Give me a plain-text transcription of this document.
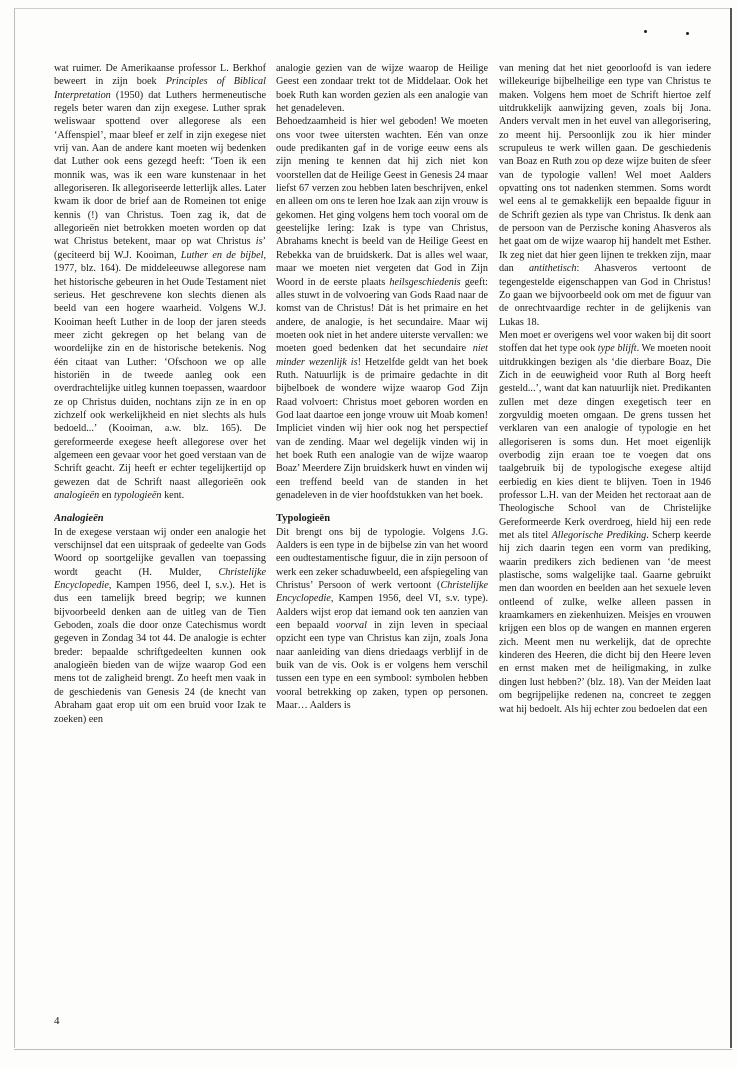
wat ruimer. De Amerikaanse professor L. Berkhof beweert in zijn boek Principles of Biblical Interpretation (1950) dat Luthers hermeneutische regels beter waren dan zijn exegese. Luther sprak weliswaar spottend over allegorese als een ‘Affenspiel’, maar bleef er zelf in zijn exegese niet vrij van. Aan de andere kant moeten wij bedenken dat Luther ook eens gezegd heeft: ‘Toen ik een monnik was, was ik een ware kunstenaar in het allegoriseren. Ik allegoriseerde letterlijk alles. Later kwam ik door de brief aan de Romeinen tot enige kennis (!) van Christus. Toen zag ik, dat de allegorieën niet betrokken moeten worden op dat wat Christus betekent, maar op wat Christus is’ (geciteerd bij W.J. Kooiman, Luther en de bijbel, 1977, blz. 164). De middeleeuwse allegorese nam het historische gebeuren in het Oude Testament niet serieus. Het geschrevene kon slechts dienen als beeld van een hogere waarheid. Volgens W.J. Kooiman heeft Luther in de loop der jaren steeds meer zicht gekregen op het belang van de woordelijke zin en de historische betekenis. Nog één citaat van Luther: ‘Ofschoon we op alle historiën in de tweede aanleg ook een overdrachtelijke uitleg kunnen toepassen, waardoor ze op Christus duiden, nochtans zijn ze in en op zichzelf ook werkelijkheid en niet slechts als huls bedoeld...’ (Kooiman, a.w. blz. 165). De gereformeerde exegese heeft allegorese over het algemeen een gevaar voor het goed verstaan van de Schrift geacht. Zij heeft er echter tegelijkertijd op gewezen dat de Schrift naast allegorieën ook analogieën en typologieën kent.

Analogieën

In de exegese verstaan wij onder een analogie het verschijnsel dat een uitspraak of gedeelte van Gods Woord op soortgelijke gevallen van toepassing wordt geacht (H. Mulder, Christelijke Encyclopedie, Kampen 1956, deel I, s.v.). Het is dus een tamelijk breed begrip; we kunnen bijvoorbeeld denken aan de uitleg van de Tien Geboden, zoals die door onze Catechismus wordt gegeven in Zondag 34 tot 44. De analogie is echter breder: bepaalde schriftgedeelten kunnen ook analogieën bieden van de wijze waarop God een mens tot de zaligheid brengt. Zo heeft men vaak in de geschiedenis van Genesis 24 (de knecht van Abraham gaat erop uit om een bruid voor Izak te zoeken) een

analogie gezien van de wijze waarop de Heilige Geest een zondaar trekt tot de Middelaar. Ook het boek Ruth kan worden gezien als een analogie van het genadeleven.

Behoedzaamheid is hier wel geboden! We moeten ons voor twee uitersten wachten. Eén van onze oude predikanten gaf in de vorige eeuw eens als zijn mening te kennen dat hij zich niet kon voorstellen dat de Heilige Geest in Genesis 24 maar liefst 67 verzen zou hebben laten beschrijven, enkel en alleen om ons te leren hoe Izak aan zijn vrouw is gekomen. Het ging volgens hem toch vooral om de geestelijke lering: Izak is type van Christus, Abrahams knecht is beeld van de Heilige Geest en Rebekka van de bruidskerk. Dat is alles wel waar, maar we moeten niet vergeten dat God in Zijn Woord in de eerste plaats heilsgeschiedenis geeft: alles stuwt in de volvoering van Gods Raad naar de komst van de Christus! Dát is het primaire en het andere, de analogie, is het secundaire. Maar wij moeten ook niet in het andere uiterste vervallen: we moeten goed bedenken dat het secundaire niet minder wezenlijk is! Hetzelfde geldt van het boek Ruth. Natuurlijk is de primaire gedachte in dit bijbelboek de wondere wijze waarop God Zijn Raad volvoert: Christus moet geboren worden en God laat daartoe een jonge vrouw uit Moab komen! Impliciet vinden wij hier ook nog het perspectief van de zending. Maar wel degelijk vinden wij in het boek Ruth een analogie van de wijze waarop Boaz’ Meerdere Zijn bruidskerk huwt en vinden wij een treffend beeld van de standen in het genadeleven in de vier hoofdstukken van het boek.

Typologieën

Dit brengt ons bij de typologie. Volgens J.G. Aalders is een type in de bijbelse zin van het woord een oudtestamentische figuur, die in zijn persoon of werk een zeker schaduwbeeld, een afspiegeling van Christus’ Persoon of werk vertoont (Christelijke Encyclopedie, Kampen 1956, deel VI, s.v. type). Aalders wijst erop dat iemand ook ten aanzien van een bepaald voorval in zijn leven in speciaal opzicht een type van Christus kan zijn, zoals Jona naar aanleiding van diens driedaags verblijf in de buik van de vis. Ook is er volgens hem verschil tussen een type en een symbool: symbolen hebben vooral betrekking op zaken, typen op personen. Maar… Aalders is

van mening dat het niet geoorloofd is van iedere willekeurige bijbelheilige een type van Christus te maken. Volgens hem moet de Schrift hiertoe zelf uitdrukkelijk aanwijzing geven, zoals bij Jona. Anders vervalt men in het euvel van allegorisering, zo meent hij. Persoonlijk zou ik hier minder scrupuleus te werk willen gaan. De geschiedenis van Boaz en Ruth zou op deze wijze buiten de sfeer van de typologie vallen! Wel moet Aalders opvatting ons tot nadenken stemmen. Soms wordt wel eens al te gemakkelijk een bepaalde figuur in de Schrift gezien als type van Christus. Ik denk aan de persoon van de Perzische koning Ahasveros als het gaat om de wijze waarop hij handelt met Esther. Ik zeg niet dat hier geen lijnen te trekken zijn, maar dan antithetisch: Ahasveros vertoont de tegengestelde eigenschappen van God in Christus! Zo gaan we bijvoorbeeld ook om met de figuur van de onrechtvaardige rechter in de gelijkenis van Lukas 18.

Men moet er overigens wel voor waken bij dit soort stoffen dat het type ook type blijft. We moeten nooit uitdrukkingen bezigen als ‘die dierbare Boaz, Die Zich in de eeuwigheid voor Ruth al Borg heeft gesteld...’, want dat kan natuurlijk niet. Predikanten zullen met deze dingen exegetisch teer en zorgvuldig moeten omgaan. De grens tussen het verklaren van een analogie of typologie en het allegoriseren is soms dun. Het moet eigenlijk overbodig zijn eraan toe te voegen dat ons taalgebruik bij de typologische exegese altijd eerbiedig en kies dient te blijven. Toen in 1946 professor L.H. van der Meiden het rectoraat aan de Theologische School van de Christelijke Gereformeerde Kerk overdroeg, hield hij een rede met als titel Allegorische Prediking. Scherp keerde hij zich daarin tegen een vorm van prediking, waarin predikers zich bedienen van ‘de meest plastische, soms walgelijke taal. Gaarne gebruikt men dan woorden en beelden aan het sexuele leven ontleend of zulke, welke alleen passen in kraamkamers en ziekenhuizen. Meisjes en vrouwen krijgen een blos op de wangen en mannen ergeren zich. Meent men nu werkelijk, dat de oprechte kinderen des Heeren, die dicht bij den Heere leven en ernst maken met de heiligmaking, in zulke dingen lust hebben?’ (blz. 18). Van der Meiden laat om begrijpelijke redenen na, concreet te zeggen wat hij bedoelt. Als hij echter zou bedoelen dat een

4
